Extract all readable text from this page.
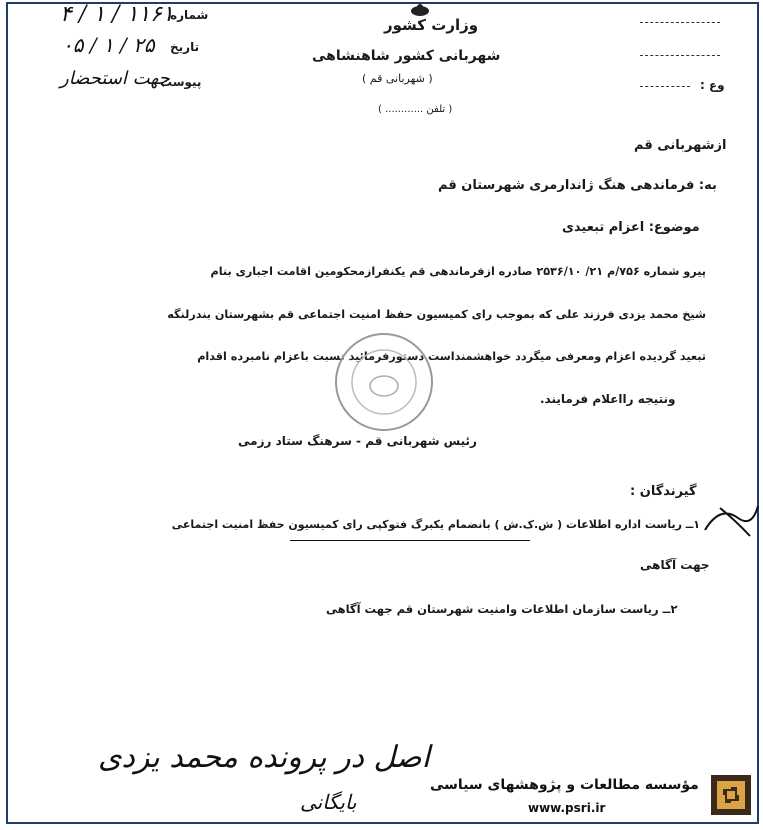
شماره
۱۱۶۱ / ۱ / ۴
تاریخ
۲۵ / ۱ / ۰۵
پیوست
جهت استحضار
وزارت کشور
شهربانی کشور شاهنشاهی
( شهربانی قم )
( تلفن ............ )
وع :
ازشهربانی قم
به: فرماندهی هنگ ژاندارمری شهرستان قم
موضوع: اعزام تبعیدی
پیرو شماره ۷۵۶/م ۲۱/ ۲۵۳۶/۱۰ صادره ازفرماندهی قم یکنفرازمحکومین اقامت اجباری بنام
شیخ محمد یزدی فرزند علی که بموجب رای کمیسیون حفظ امنیت اجتماعی قم بشهرستان بندرلنگه
تبعید گردیده اعزام ومعرفی میگردد خواهشمنداست دستورفرمائید نسبت باعزام نامبرده اقدام
ونتیجه رااعلام فرمایند.
رئیس شهربانی قم - سرهنگ ستاد رزمی
گیرندگان :
۱ــ ریاست اداره اطلاعات ( ش.ک.ش ) بانضمام یکبرگ فتوکپی رای کمیسیون حفظ امنیت اجتماعی
جهت آگاهی
۲ــ ریاست سازمان اطلاعات وامنیت شهرستان قم جهت آگاهی
اصل در پرونده محمد یزدی
بایگانی
مؤسسه مطالعات و پژوهشهای سیاسی
www.psri.ir
